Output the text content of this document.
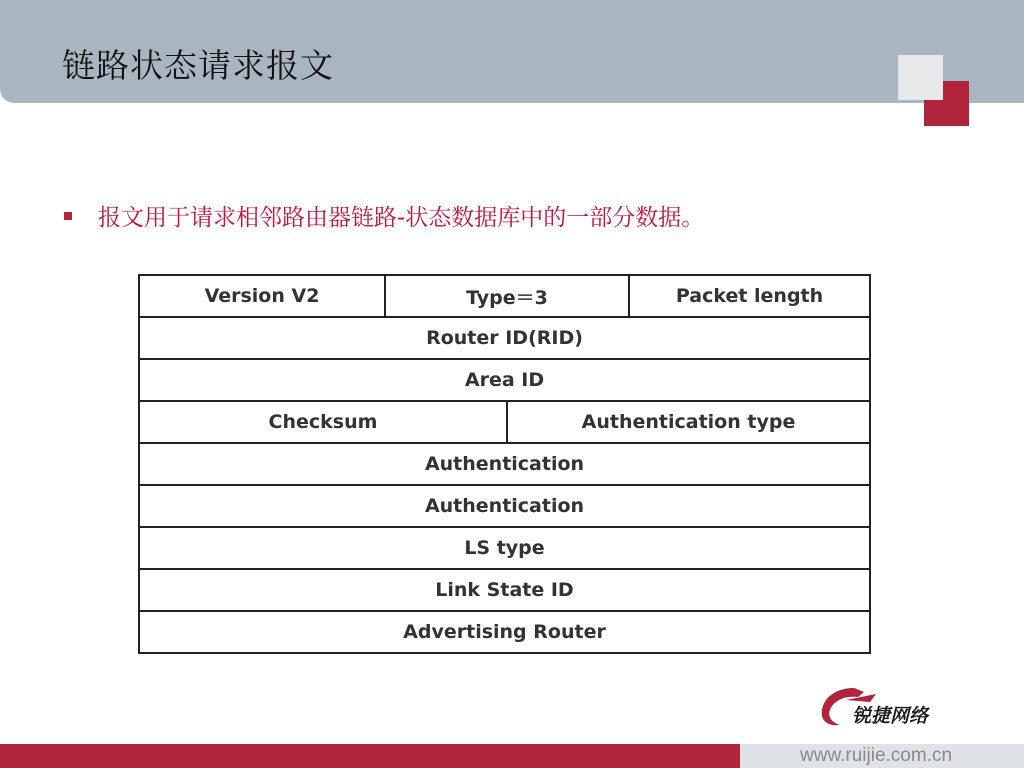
链路状态请求报文
报文用于请求相邻路由器链路-状态数据库中的一部分数据。
Version V2	Type＝3	Packet length
Router ID(RID)
Area ID
Checksum	Authentication type
Authentication
Authentication
LS type
Link State ID
Advertising Router
锐捷网络
www.ruijie.com.cn
